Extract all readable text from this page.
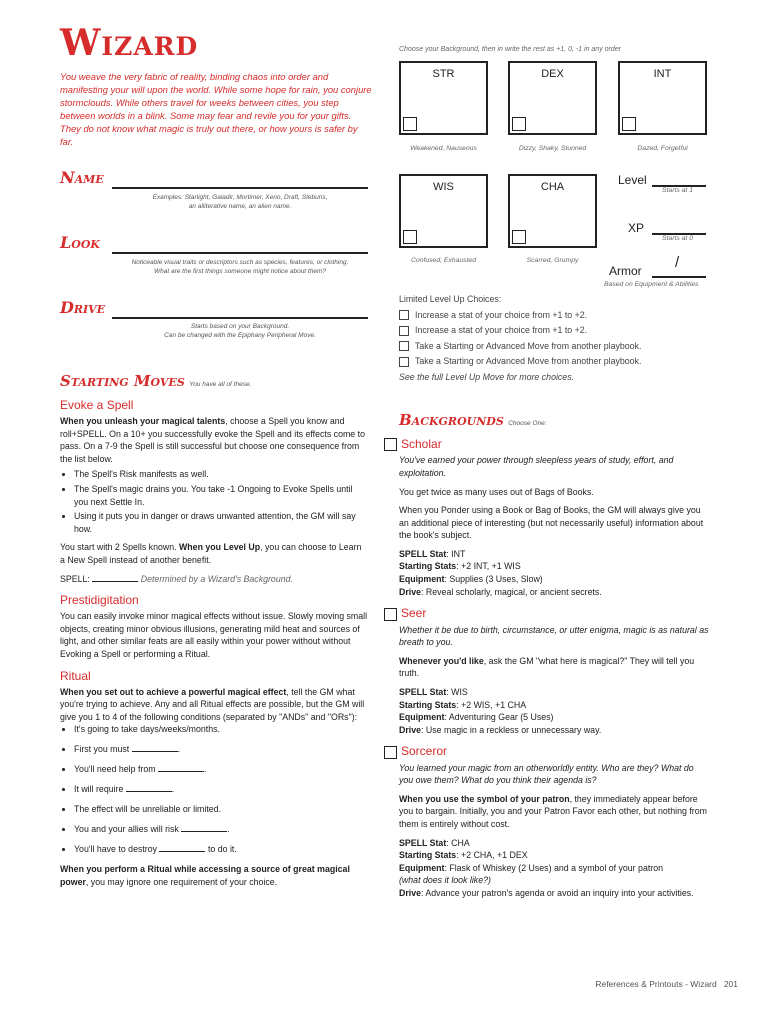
Wizard
You weave the very fabric of reality, binding chaos into order and manifesting your will upon the world. While some hope for rain, you conjure stormclouds. While others travel for weeks between cities, you step between worlds in a blink. Some may fear and revile you for your gifts. They do not know what magic is truly out there, or how yours is safer by far.
Name
Examples: Starlight, Galadir, Mortimer, Xeno, Draft, Steburis,
an alliterative name, an alien name.
Look
Noticeable visual traits or descriptors such as species, features, or clothing.
What are the first things someone might notice about them?
Drive
Starts based on your Background.
Can be changed with the Epiphany Peripheral Move.
Choose your Background, then in write the rest as +1, 0, -1 in any order
STR
Weakened, Nauseous
DEX
Dizzy, Shaky, Stunned
INT
Dazed, Forgetful
WIS
Confused, Exhausted
CHA
Scarred, Grumpy
Level
Starts at 1
XP
Starts at 0
Armor /
Based on Equipment & Abilities
Limited Level Up Choices:
Increase a stat of your choice from +1 to +2.
Increase a stat of your choice from +1 to +2.
Take a Starting or Advanced Move from another playbook.
Take a Starting or Advanced Move from another playbook.
See the full Level Up Move for more choices.
Starting Moves You have all of these.
Evoke a Spell
When you unleash your magical talents, choose a Spell you know and roll+SPELL. On a 10+ you successfully evoke the Spell and its effects come to pass. On a 7-9 the Spell is still successful but choose one consequence from the list below.
• The Spell's Risk manifests as well.
• The Spell's magic drains you. You take -1 Ongoing to Evoke Spells until you next Settle In.
• Using it puts you in danger or draws unwanted attention, the GM will say how.
You start with 2 Spells known. When you Level Up, you can choose to Learn a New Spell instead of another benefit.
SPELL:	Determined by a Wizard's Background.
Prestidigitation
You can easily invoke minor magical effects without issue. Slowly moving small objects, creating minor obvious illusions, generating mild heat and sources of light, and other similar feats are all easily within your power without without Evoking a Spell or performing a Ritual.
Ritual
When you set out to achieve a powerful magical effect, tell the GM what you're trying to achieve. Any and all Ritual effects are possible, but the GM will give you 1 to 4 of the following conditions (separated by "ANDs" and "ORs"):
• It's going to take days/weeks/months.
• First you must	.
• You'll need help from	.
• It will require	.
• The effect will be unreliable or limited.
• You and your allies will risk	.
• You'll have to destroy	to do it.
When you perform a Ritual while accessing a source of great magical power, you may ignore one requirement of your choice.
Backgrounds Choose One:
Scholar
You've earned your power through sleepless years of study, effort, and exploitation.
You get twice as many uses out of Bags of Books.
When you Ponder using a Book or Bag of Books, the GM will always give you an additional piece of interesting (but not necessarily useful) information about the book's subject.
SPELL Stat: INT
Starting Stats: +2 INT, +1 WIS
Equipment: Supplies (3 Uses, Slow)
Drive: Reveal scholarly, magical, or ancient secrets.
Seer
Whether it be due to birth, circumstance, or utter enigma, magic is as natural as breath to you.
Whenever you'd like, ask the GM "what here is magical?" They will tell you truth.
SPELL Stat: WIS
Starting Stats: +2 WIS, +1 CHA
Equipment: Adventuring Gear (5 Uses)
Drive: Use magic in a reckless or unnecessary way.
Sorceror
You learned your magic from an otherworldly entity. Who are they? What do you owe them? What do you think their agenda is?
When you use the symbol of your patron, they immediately appear before you to bargain. Initially, you and your Patron Favor each other, but nothing from them is entirely without cost.
SPELL Stat: CHA
Starting Stats: +2 CHA, +1 DEX
Equipment: Flask of Whiskey (2 Uses) and a symbol of your patron
(what does it look like?)
Drive: Advance your patron's agenda or avoid an inquiry into your activities.
References & Printouts - Wizard   201
